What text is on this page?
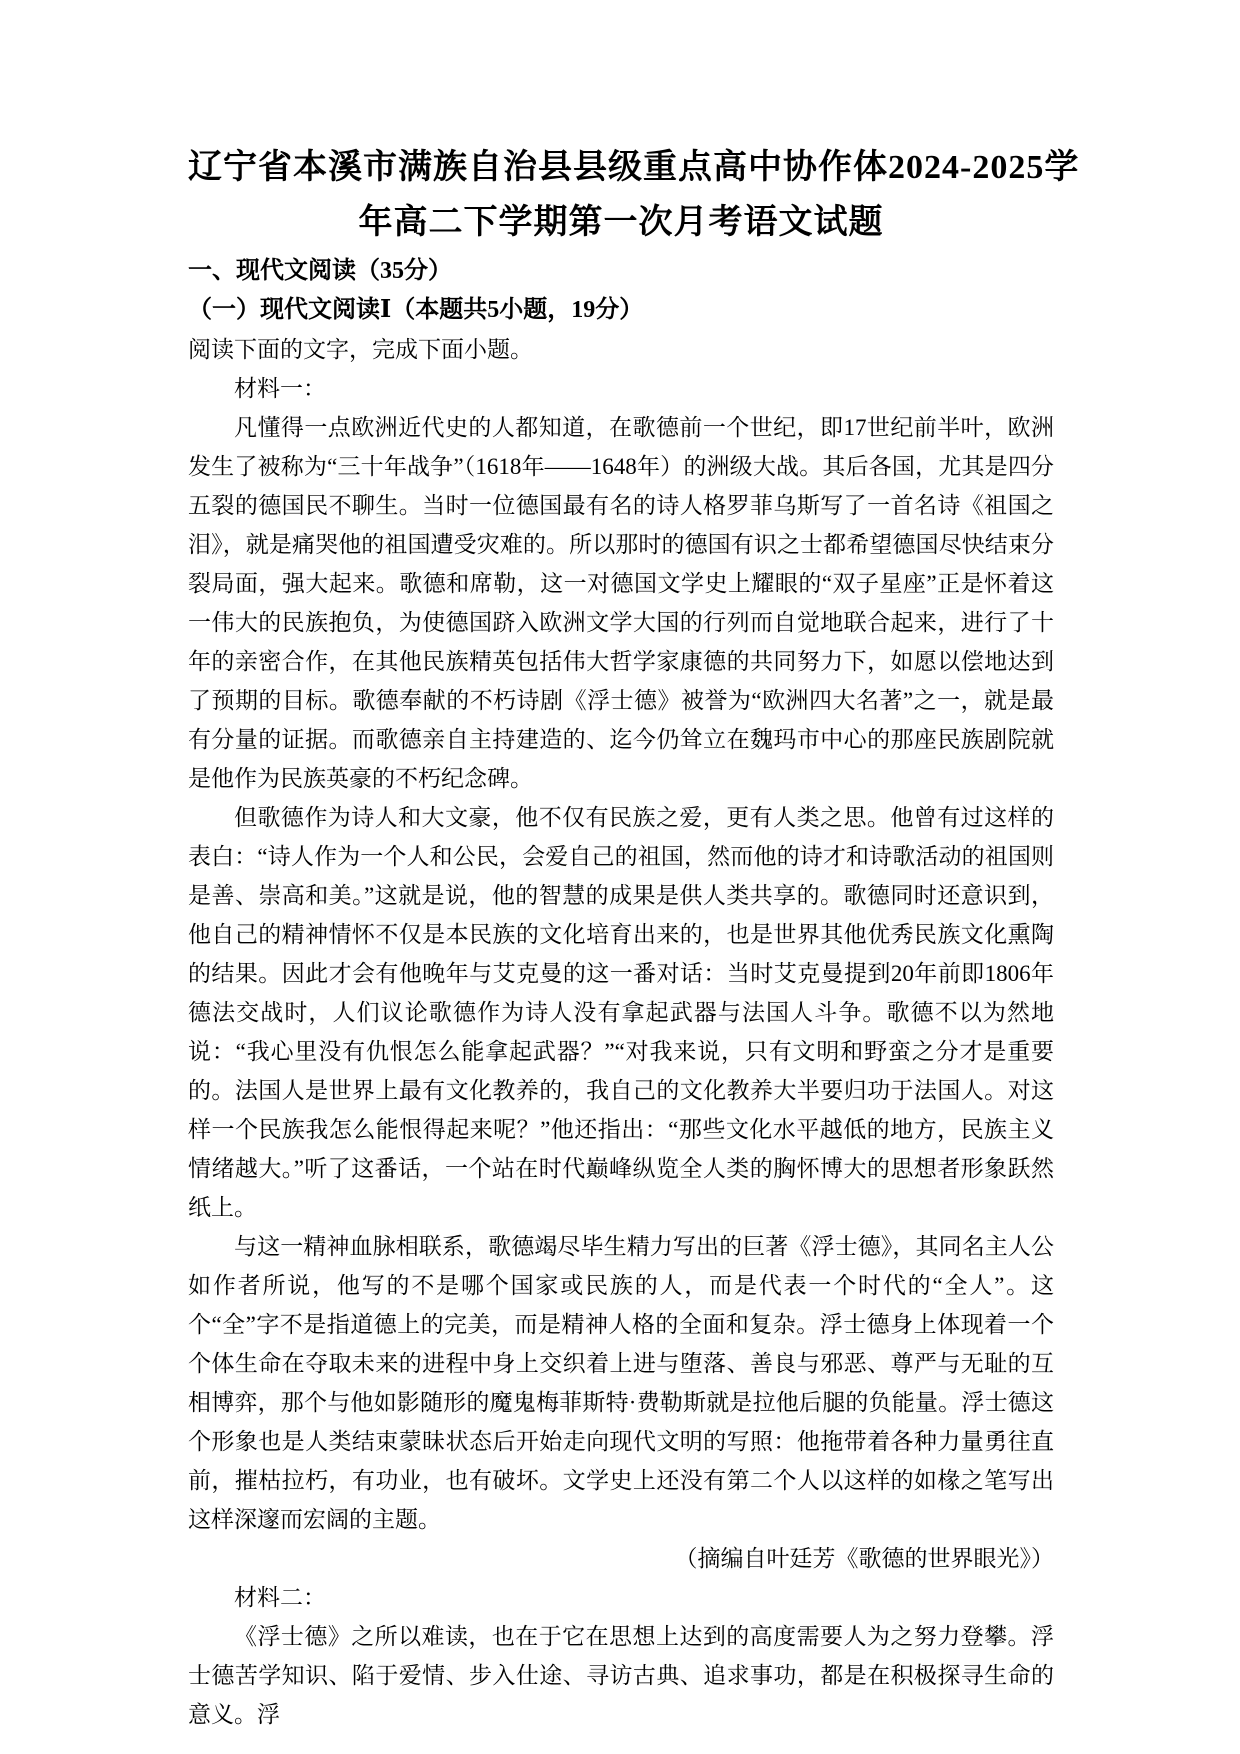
辽宁省本溪市满族自治县县级重点高中协作体2024-2025学
年高二下学期第一次月考语文试题
一、现代文阅读（35分）
（一）现代文阅读Ⅰ（本题共5小题，19分）

阅读下面的文字，完成下面小题。

材料一：

凡懂得一点欧洲近代史的人都知道，在歌德前一个世纪，即17世纪前半叶，欧洲发生了被称为“三十年战争”（1618年——1648年）的洲级大战。其后各国，尤其是四分五裂的德国民不聊生。当时一位德国最有名的诗人格罗菲乌斯写了一首名诗《祖国之泪》，就是痛哭他的祖国遭受灾难的。所以那时的德国有识之士都希望德国尽快结束分裂局面，强大起来。歌德和席勒，这一对德国文学史上耀眼的“双子星座”正是怀着这一伟大的民族抱负，为使德国跻入欧洲文学大国的行列而自觉地联合起来，进行了十年的亲密合作，在其他民族精英包括伟大哲学家康德的共同努力下，如愿以偿地达到了预期的目标。歌德奉献的不朽诗剧《浮士德》被誉为“欧洲四大名著”之一，就是最有分量的证据。而歌德亲自主持建造的、迄今仍耸立在魏玛市中心的那座民族剧院就是他作为民族英豪的不朽纪念碑。

但歌德作为诗人和大文豪，他不仅有民族之爱，更有人类之思。他曾有过这样的表白：“诗人作为一个人和公民，会爱自己的祖国，然而他的诗才和诗歌活动的祖国则是善、崇高和美。”这就是说，他的智慧的成果是供人类共享的。歌德同时还意识到，他自己的精神情怀不仅是本民族的文化培育出来的，也是世界其他优秀民族文化熏陶的结果。因此才会有他晚年与艾克曼的这一番对话：当时艾克曼提到20年前即1806年德法交战时，人们议论歌德作为诗人没有拿起武器与法国人斗争。歌德不以为然地说：“我心里没有仇恨怎么能拿起武器？”“对我来说，只有文明和野蛮之分才是重要的。法国人是世界上最有文化教养的，我自己的文化教养大半要归功于法国人。对这样一个民族我怎么能恨得起来呢？”他还指出：“那些文化水平越低的地方，民族主义情绪越大。”听了这番话，一个站在时代巅峰纵览全人类的胸怀博大的思想者形象跃然纸上。

与这一精神血脉相联系，歌德竭尽毕生精力写出的巨著《浮士德》，其同名主人公如作者所说，他写的不是哪个国家或民族的人，而是代表一个时代的“全人”。这个“全”字不是指道德上的完美，而是精神人格的全面和复杂。浮士德身上体现着一个个体生命在夺取未来的进程中身上交织着上进与堕落、善良与邪恶、尊严与无耻的互相博弈，那个与他如影随形的魔鬼梅菲斯特·费勒斯就是拉他后腿的负能量。浮士德这个形象也是人类结束蒙昧状态后开始走向现代文明的写照：他拖带着各种力量勇往直前，摧枯拉朽，有功业，也有破坏。文学史上还没有第二个人以这样的如椽之笔写出这样深邃而宏阔的主题。

（摘编自叶廷芳《歌德的世界眼光》）

材料二：

《浮士德》之所以难读，也在于它在思想上达到的高度需要人为之努力登攀。浮士德苦学知识、陷于爱情、步入仕途、寻访古典、追求事功，都是在积极探寻生命的意义。浮
